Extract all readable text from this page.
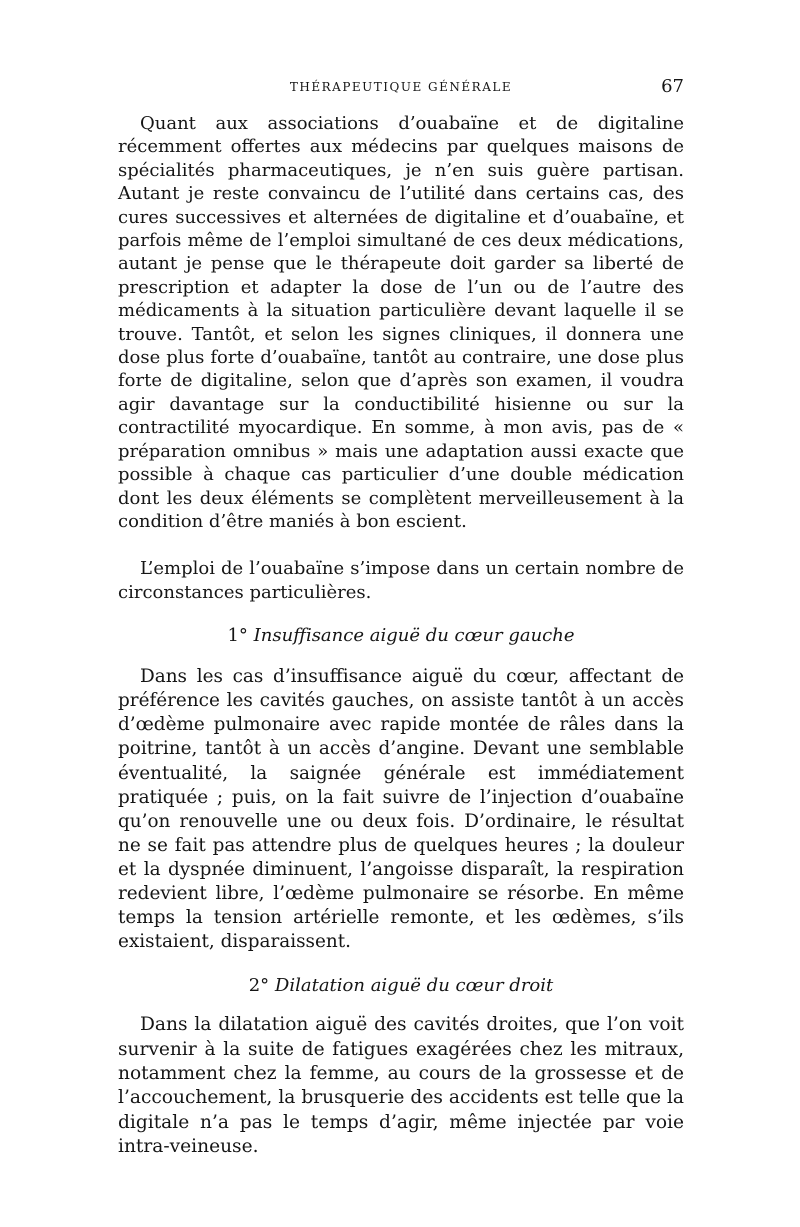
THÉRAPEUTIQUE GÉNÉRALE	67

Quant aux associations d’ouabaïne et de digitaline récemment offertes aux médecins par quelques maisons de spécialités pharmaceutiques, je n’en suis guère partisan. Autant je reste convaincu de l’utilité dans certains cas, des cures successives et alternées de digitaline et d’ouabaïne, et parfois même de l’emploi simultané de ces deux médications, autant je pense que le thérapeute doit garder sa liberté de prescription et adapter la dose de l’un ou de l’autre des médicaments à la situation particulière devant laquelle il se trouve. Tantôt, et selon les signes cliniques, il donnera une dose plus forte d’ouabaïne, tantôt au contraire, une dose plus forte de digitaline, selon que d’après son examen, il voudra agir davantage sur la conductibilité hisienne ou sur la contractilité myocardique. En somme, à mon avis, pas de « préparation omnibus » mais une adaptation aussi exacte que possible à chaque cas particulier d’une double médication dont les deux éléments se complètent merveilleusement à la condition d’être maniés à bon escient.

L’emploi de l’ouabaïne s’impose dans un certain nombre de circonstances particulières.

1° Insuffisance aiguë du cœur gauche

Dans les cas d’insuffisance aiguë du cœur, affectant de préférence les cavités gauches, on assiste tantôt à un accès d’œdème pulmonaire avec rapide montée de râles dans la poitrine, tantôt à un accès d’angine. Devant une semblable éventualité, la saignée générale est immédiatement pratiquée ; puis, on la fait suivre de l’injection d’ouabaïne qu’on renouvelle une ou deux fois. D’ordinaire, le résultat ne se fait pas attendre plus de quelques heures ; la douleur et la dyspnée diminuent, l’angoisse disparaît, la respiration redevient libre, l’œdème pulmonaire se résorbe. En même temps la tension artérielle remonte, et les œdèmes, s’ils existaient, disparaissent.

2° Dilatation aiguë du cœur droit

Dans la dilatation aiguë des cavités droites, que l’on voit survenir à la suite de fatigues exagérées chez les mitraux, notamment chez la femme, au cours de la grossesse et de l’accouchement, la brusquerie des accidents est telle que la digitale n’a pas le temps d’agir, même injectée par voie intra-veineuse.
